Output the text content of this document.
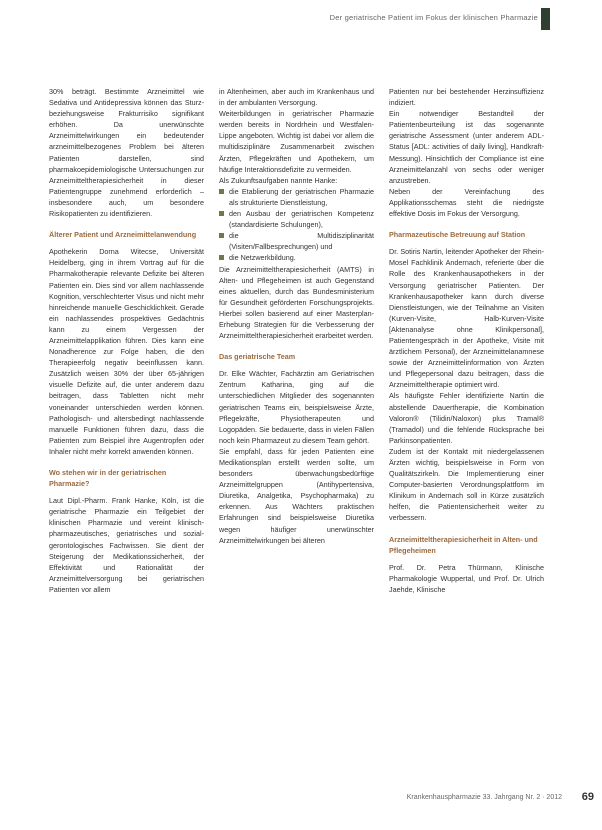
Der geriatrische Patient im Fokus der klinischen Pharmazie

30% beträgt. Bestimmte Arzneimittel wie Sedativa und Antidepressiva können das Sturz- beziehungsweise Frakturrisiko signifikant erhöhen. Da unerwünschte Arzneimittelwirkungen ein bedeutender arzneimittelbezogenes Problem bei älteren Patienten darstellen, sind pharmakoepidemiologische Untersuchungen zur Arzneimitteltherapiesicherheit in dieser Patientengruppe zunehmend erforderlich – insbesondere auch, um besondere Risikopatienten zu identifizieren.

Älterer Patient und Arzneimittelanwendung

Apothekerin Dorna Witecse, Universität Heidelberg, ging in ihrem Vortrag auf für die Pharmakotherapie relevante Defizite bei älteren Patienten ein. Dies sind vor allem nachlassende Kognition, verschlechterter Visus und nicht mehr hinreichende manuelle Geschicklichkeit. Gerade ein nachlassendes prospektives Gedächtnis kann zu einem Vergessen der Arzneimittelapplikation führen. Dies kann eine Nonadherence zur Folge haben, die den Therapieerfolg negativ beeinflussen kann. Zusätzlich weisen 30% der über 65-jährigen visuelle Defizite auf, die unter anderem dazu beitragen, dass Tabletten nicht mehr voneinander unterschieden werden können. Pathologisch- und altersbedingt nachlassende manuelle Funktionen führen dazu, dass die Patienten zum Beispiel ihre Augentropfen oder Inhaler nicht mehr korrekt anwenden können.

Wo stehen wir in der geriatrischen Pharmazie?

Laut Dipl.-Pharm. Frank Hanke, Köln, ist die geriatrische Pharmazie ein Teilgebiet der klinischen Pharmazie und vereint klinisch-pharmazeutisches, geriatrisches und sozial-gerontologisches Fachwissen. Sie dient der Steigerung der Medikationssicherheit, der Effektivität und Rationalität der Arzneimittelversorgung bei geriatrischen Patienten vor allem

in Altenheimen, aber auch im Krankenhaus und in der ambulanten Versorgung.

Weiterbildungen in geriatrischer Pharmazie werden bereits in Nordrhein und Westfalen-Lippe angeboten. Wichtig ist dabei vor allem die multidisziplinäre Zusammenarbeit zwischen Ärzten, Pflegekräften und Apothekern, um häufige Interaktionsdefizite zu vermeiden.

Als Zukunftsaufgaben nannte Hanke:

die Etablierung der geriatrischen Pharmazie als strukturierte Dienstleistung,
den Ausbau der geriatrischen Kompetenz (standardisierte Schulungen),
die Multidisziplinarität (Visiten/Fallbesprechungen) und
die Netzwerkbildung.

Die Arzneimitteltherapiesicherheit (AMTS) in Alten- und Pflegeheimen ist auch Gegenstand eines aktuellen, durch das Bundesministerium für Gesundheit geförderten Forschungsprojekts. Hierbei sollen basierend auf einer Masterplan-Erhebung Strategien für die Verbesserung der Arzneimitteltherapiesicherheit erarbeitet werden.

Das geriatrische Team

Dr. Elke Wächter, Fachärztin am Geriatrischen Zentrum Katharina, ging auf die unterschiedlichen Mitglieder des sogenannten geriatrischen Teams ein, beispielsweise Ärzte, Pflegekräfte, Physiotherapeuten und Logopäden. Sie bedauerte, dass in vielen Fällen noch kein Pharmazeut zu diesem Team gehört.

Sie empfahl, dass für jeden Patienten eine Medikationsplan erstellt werden sollte, um besonders überwachungsbedürftige Arzneimittelgruppen (Antihypertensiva, Diuretika, Analgetika, Psychopharmaka) zu erkennen. Aus Wächters praktischen Erfahrungen sind beispielsweise Diuretika wegen häufiger unerwünschter Arzneimittelwirkungen bei älteren

Patienten nur bei bestehender Herzinsuffizienz indiziert.

Ein notwendiger Bestandteil der Patientenbeurteilung ist das sogenannte geriatrische Assessment (unter anderem ADL-Status [ADL: activities of daily living], Handkraft-Messung). Hinsichtlich der Compliance ist eine Arzneimittelanzahl von sechs oder weniger anzustreben.

Neben der Vereinfachung des Applikationsschemas steht die niedrigste effektive Dosis im Fokus der Versorgung.

Pharmazeutische Betreuung auf Station

Dr. Sotiris Nartin, leitender Apotheker der Rhein-Mosel Fachklinik Andernach, referierte über die Rolle des Krankenhausapothekers in der Versorgung geriatrischer Patienten. Der Krankenhausapotheker kann durch diverse Dienstleistungen, wie der Teilnahme an Visiten (Kurven-Visite, Halb-Kurven-Visite [Aktenanalyse ohne Klinikpersonal], Patientengespräch in der Apotheke, Visite mit ärztlichem Personal), der Arzneimittelanamnese sowie der Arzneimittelinformation von Ärzten und Pflegepersonal dazu beitragen, dass die Arzneimitteltherapie optimiert wird.

Als häufigste Fehler identifizierte Nartin die abstellende Dauertherapie, die Kombination Valoron® (Tilidin/Naloxon) plus Tramal® (Tramadol) und die fehlende Rücksprache bei Parkinsonpatienten.

Zudem ist der Kontakt mit niedergelassenen Ärzten wichtig, beispielsweise in Form von Qualitätszirkeln. Die Implementierung einer Computer-basierten Verordnungsplattform im Klinikum in Andernach soll in Kürze zusätzlich helfen, die Patientensicherheit weiter zu verbessern.

Arzneimitteltherapiesicherheit in Alten- und Pflegeheimen

Prof. Dr. Petra Thürmann, Klinische Pharmakologie Wuppertal, und Prof. Dr. Ulrich Jaehde, Klinische

Krankenhauspharmazie 33. Jahrgang Nr. 2 · 2012 69
